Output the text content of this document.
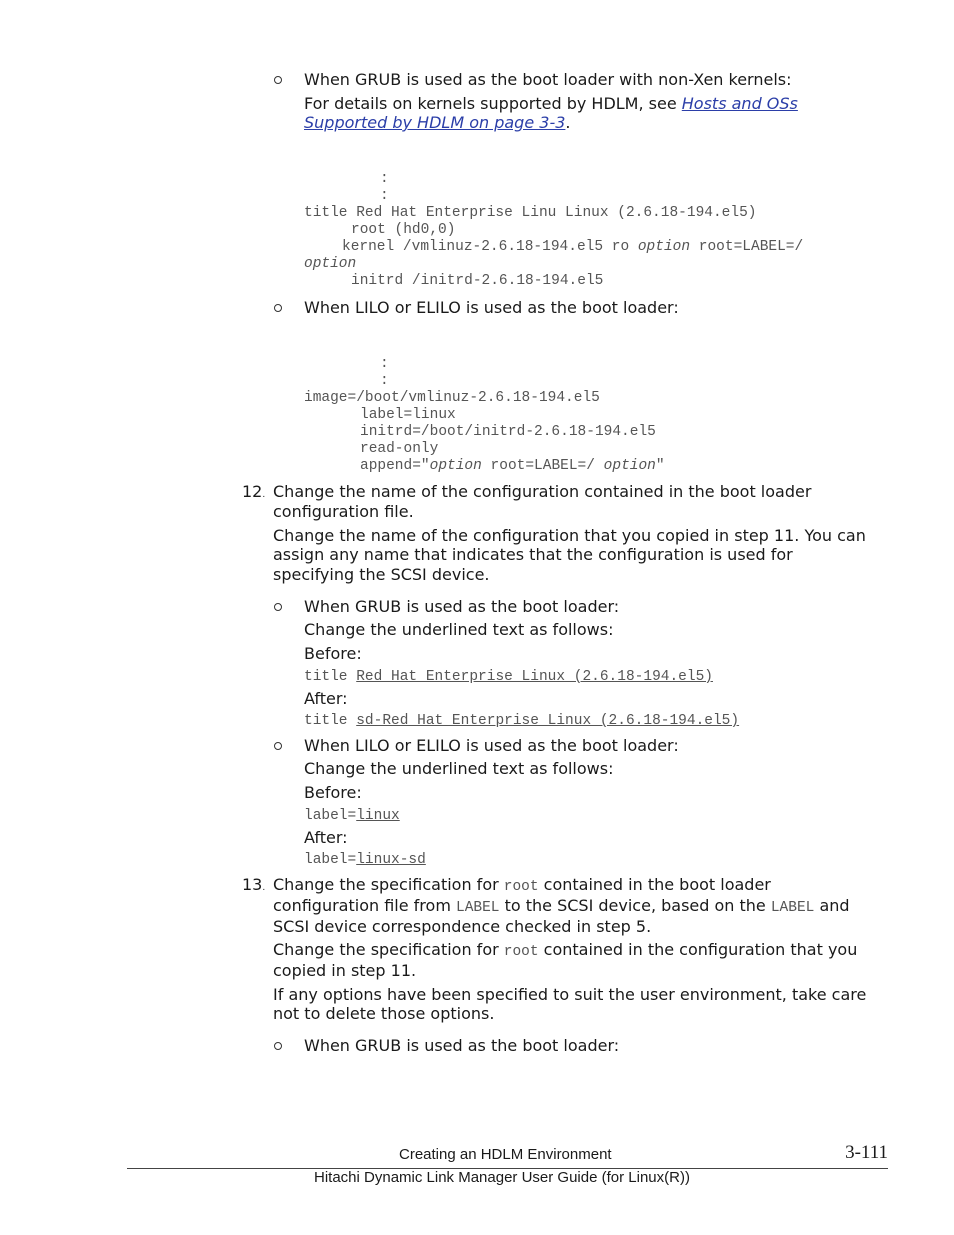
When GRUB is used as the boot loader with non-Xen kernels:
For details on kernels supported by HDLM, see Hosts and OSs
Supported by HDLM on page 3-3.

:
:
title Red Hat Enterprise Linu Linux (2.6.18-194.el5)
root (hd0,0)
kernel /vmlinuz-2.6.18-194.el5 ro option root=LABEL=/
option
initrd /initrd-2.6.18-194.el5

When LILO or ELILO is used as the boot loader:

:
:
image=/boot/vmlinuz-2.6.18-194.el5
label=linux
initrd=/boot/initrd-2.6.18-194.el5
read-only
append="option root=LABEL=/ option"

12. Change the name of the configuration contained in the boot loader
configuration file.
Change the name of the configuration that you copied in step 11. You can
assign any name that indicates that the configuration is used for
specifying the SCSI device.
When GRUB is used as the boot loader:
Change the underlined text as follows:
Before:
title Red Hat Enterprise Linux (2.6.18-194.el5)
After:
title sd-Red Hat Enterprise Linux (2.6.18-194.el5)
When LILO or ELILO is used as the boot loader:
Change the underlined text as follows:
Before:
label=linux
After:
label=linux-sd
13. Change the specification for root contained in the boot loader
configuration file from LABEL to the SCSI device, based on the LABEL and
SCSI device correspondence checked in step 5.
Change the specification for root contained in the configuration that you
copied in step 11.
If any options have been specified to suit the user environment, take care
not to delete those options.
When GRUB is used as the boot loader:
Creating an HDLM Environment	3-111
Hitachi Dynamic Link Manager User Guide (for Linux(R))
